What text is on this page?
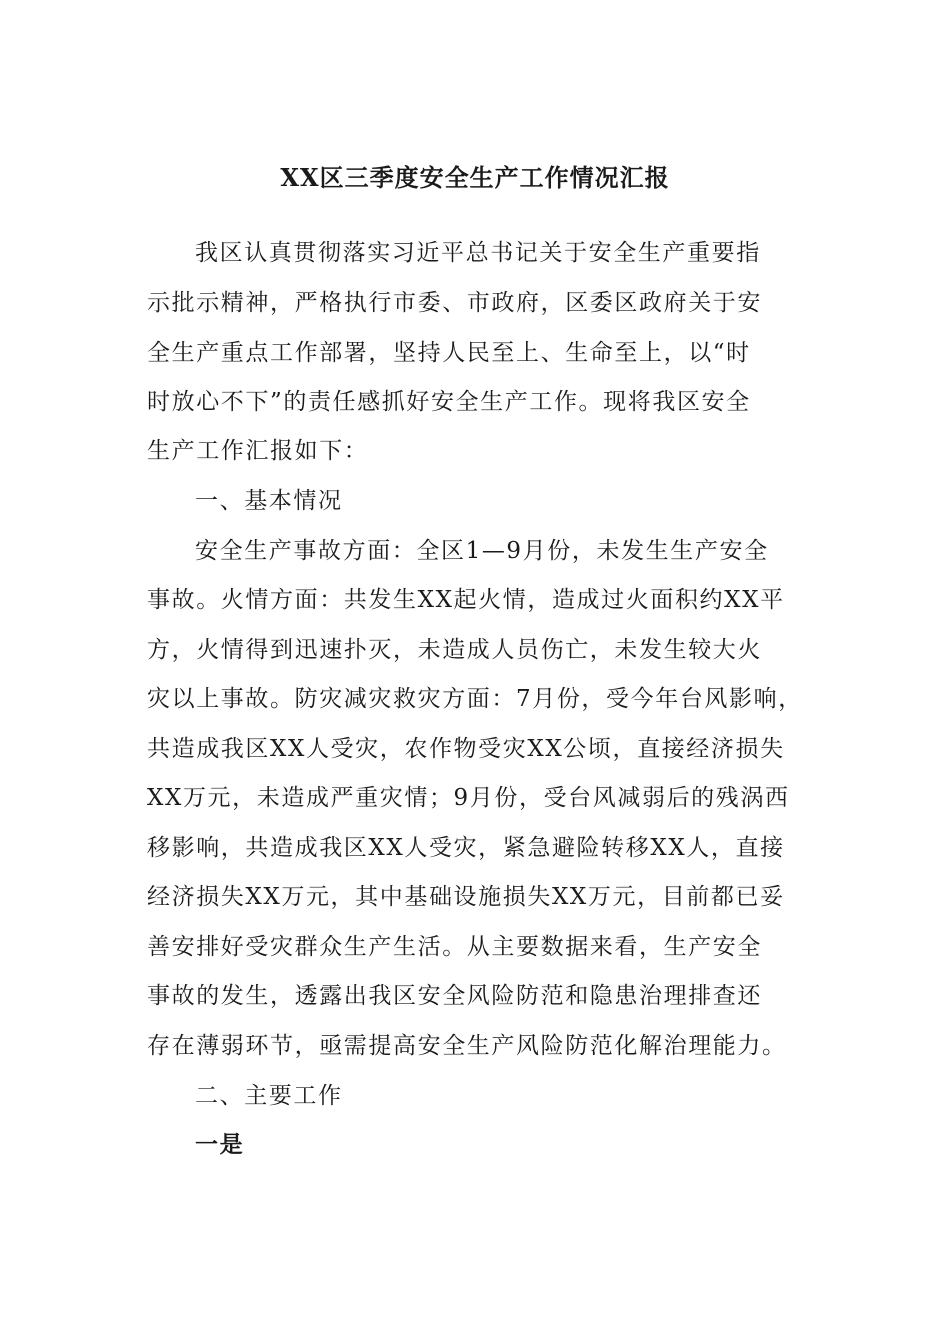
XX区三季度安全生产工作情况汇报
我区认真贯彻落实习近平总书记关于安全生产重要指
示批示精神，严格执行市委、市政府，区委区政府关于安
全生产重点工作部署，坚持人民至上、生命至上，以“时
时放心不下”的责任感抓好安全生产工作。现将我区安全
生产工作汇报如下：
一、基本情况
安全生产事故方面：全区1—9月份，未发生生产安全
事故。火情方面：共发生XX起火情，造成过火面积约XX平
方，火情得到迅速扑灭，未造成人员伤亡，未发生较大火
灾以上事故。防灾减灾救灾方面：7月份，受今年台风影响，
共造成我区XX人受灾，农作物受灾XX公顷，直接经济损失
XX万元，未造成严重灾情；9月份，受台风减弱后的残涡西
移影响，共造成我区XX人受灾，紧急避险转移XX人，直接
经济损失XX万元，其中基础设施损失XX万元，目前都已妥
善安排好受灾群众生产生活。从主要数据来看，生产安全
事故的发生，透露出我区安全风险防范和隐患治理排查还
存在薄弱环节，亟需提高安全生产风险防范化解治理能力。
二、主要工作
一是
